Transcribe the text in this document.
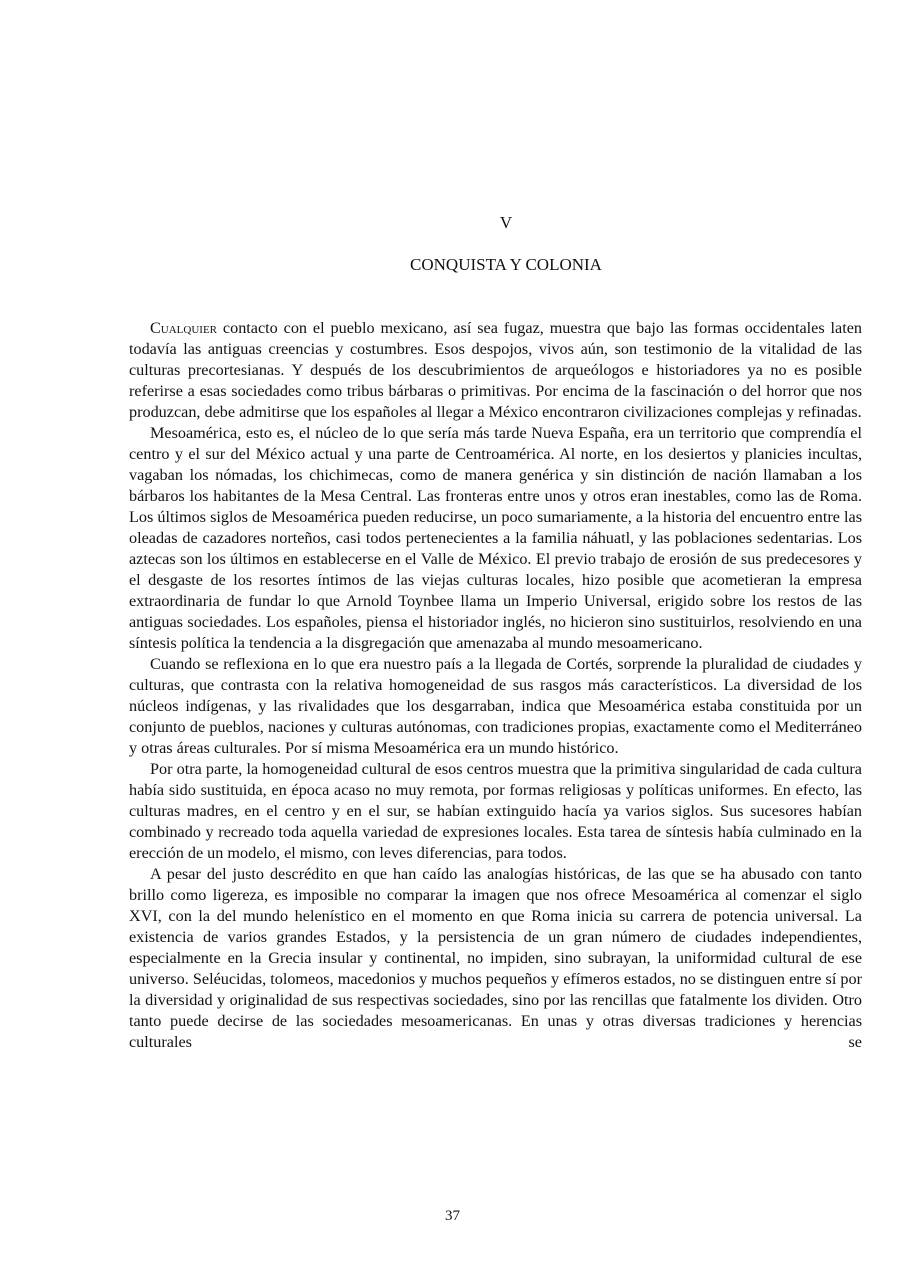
V
CONQUISTA Y COLONIA

Cualquier contacto con el pueblo mexicano, así sea fugaz, muestra que bajo las formas occidentales laten todavía las antiguas creencias y costumbres. Esos despojos, vivos aún, son testimonio de la vitalidad de las culturas precortesianas. Y después de los descubrimientos de arqueólogos e historiadores ya no es posible referirse a esas sociedades como tribus bárbaras o primitivas. Por encima de la fascinación o del horror que nos produzcan, debe admitirse que los españoles al llegar a México encontraron civilizaciones complejas y refinadas.

Mesoamérica, esto es, el núcleo de lo que sería más tarde Nueva España, era un territorio que comprendía el centro y el sur del México actual y una parte de Centroamérica. Al norte, en los desiertos y planicies incultas, vagaban los nómadas, los chichimecas, como de manera genérica y sin distinción de nación llamaban a los bárbaros los habitantes de la Mesa Central. Las fronteras entre unos y otros eran inestables, como las de Roma. Los últimos siglos de Mesoamérica pueden reducirse, un poco sumariamente, a la historia del encuentro entre las oleadas de cazadores norteños, casi todos pertenecientes a la familia náhuatl, y las poblaciones sedentarias. Los aztecas son los últimos en establecerse en el Valle de México. El previo trabajo de erosión de sus predecesores y el desgaste de los resortes íntimos de las viejas culturas locales, hizo posible que acometieran la empresa extraordinaria de fundar lo que Arnold Toynbee llama un Imperio Universal, erigido sobre los restos de las antiguas sociedades. Los españoles, piensa el historiador inglés, no hicieron sino sustituirlos, resolviendo en una síntesis política la tendencia a la disgregación que amenazaba al mundo mesoamericano.

Cuando se reflexiona en lo que era nuestro país a la llegada de Cortés, sorprende la pluralidad de ciudades y culturas, que contrasta con la relativa homogeneidad de sus rasgos más característicos. La diversidad de los núcleos indígenas, y las rivalidades que los desgarraban, indica que Mesoamérica estaba constituida por un conjunto de pueblos, naciones y culturas autónomas, con tradiciones propias, exactamente como el Mediterráneo y otras áreas culturales. Por sí misma Mesoamérica era un mundo histórico.

Por otra parte, la homogeneidad cultural de esos centros muestra que la primitiva singularidad de cada cultura había sido sustituida, en época acaso no muy remota, por formas religiosas y políticas uniformes. En efecto, las culturas madres, en el centro y en el sur, se habían extinguido hacía ya varios siglos. Sus sucesores habían combinado y recreado toda aquella variedad de expresiones locales. Esta tarea de síntesis había culminado en la erección de un modelo, el mismo, con leves diferencias, para todos.

A pesar del justo descrédito en que han caído las analogías históricas, de las que se ha abusado con tanto brillo como ligereza, es imposible no comparar la imagen que nos ofrece Mesoamérica al comenzar el siglo XVI, con la del mundo helenístico en el momento en que Roma inicia su carrera de potencia universal. La existencia de varios grandes Estados, y la persistencia de un gran número de ciudades independientes, especialmente en la Grecia insular y continental, no impiden, sino subrayan, la uniformidad cultural de ese universo. Seléucidas, tolomeos, macedonios y muchos pequeños y efímeros estados, no se distinguen entre sí por la diversidad y originalidad de sus respectivas sociedades, sino por las rencillas que fatalmente los dividen. Otro tanto puede decirse de las sociedades mesoamericanas. En unas y otras diversas tradiciones y herencias culturales se

37
